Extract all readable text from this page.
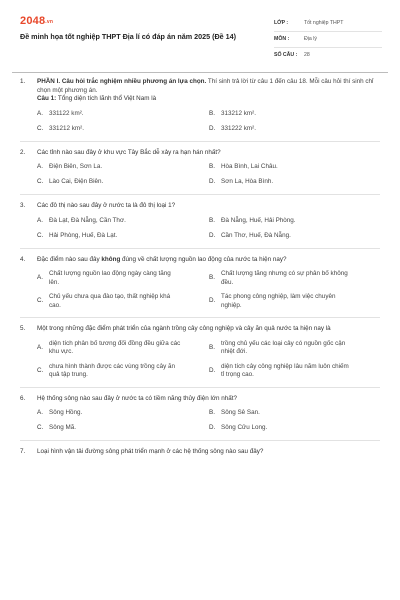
2048.vn
Đề minh họa tốt nghiệp THPT Địa lí có đáp án năm 2025 (Đề 14)
LỚP :	Tốt nghiệp THPT
MÔN :	Địa lý
SỐ CÂU :	28
1. PHẦN I. Câu hỏi trắc nghiệm nhiều phương án lựa chọn. Thí sinh trả lời từ câu 1 đến câu 18. Mỗi câu hỏi thí sinh chỉ chọn một phương án.
Câu 1: Tổng diện tích lãnh thổ Việt Nam là
A. 331122 km².	B. 313212 km².
C. 331212 km².	D. 331222 km².
2. Các tỉnh nào sau đây ở khu vực Tây Bắc dễ xảy ra hạn hán nhất?
A. Điện Biên, Sơn La.	B. Hòa Bình, Lai Châu.
C. Lào Cai, Điện Biên.	D. Sơn La, Hòa Bình.
3. Các đô thị nào sau đây ở nước ta là đô thị loại 1?
A. Đà Lạt, Đà Nẵng, Cần Thơ.	B. Đà Nẵng, Huế, Hải Phòng.
C. Hải Phòng, Huế, Đà Lạt.	D. Cần Thơ, Huế, Đà Nẵng.
4. Đặc điểm nào sau đây không đúng về chất lượng nguồn lao động của nước ta hiện nay?
A.
Chất lượng nguồn lao động ngày càng tăng lên.
B.
Chất lượng tăng nhưng có sự phân bố không đều.
C.
Chủ yếu chưa qua đào tạo, thất nghiệp khá cao.
D.
Tác phong công nghiệp, làm việc chuyên nghiệp.
5. Một trong những đặc điểm phát triển của ngành trồng cây công nghiệp và cây ăn quả nước ta hiện nay là
A.
diện tích phân bố tương đối đồng đều giữa các khu vực.
B.
trồng chủ yếu các loại cây có nguồn gốc cận nhiệt đới.
C.
chưa hình thành được các vùng trồng cây ăn quả tập trung.
D.
diện tích cây công nghiệp lâu năm luôn chiếm tỉ trọng cao.
6. Hệ thống sông nào sau đây ở nước ta có tiềm năng thủy điện lớn nhất?
A. Sông Hồng.	B. Sông Sê San.
C. Sông Mã.	D. Sông Cửu Long.
7. Loại hình vận tải đường sông phát triển mạnh ở các hệ thống sông nào sau đây?
